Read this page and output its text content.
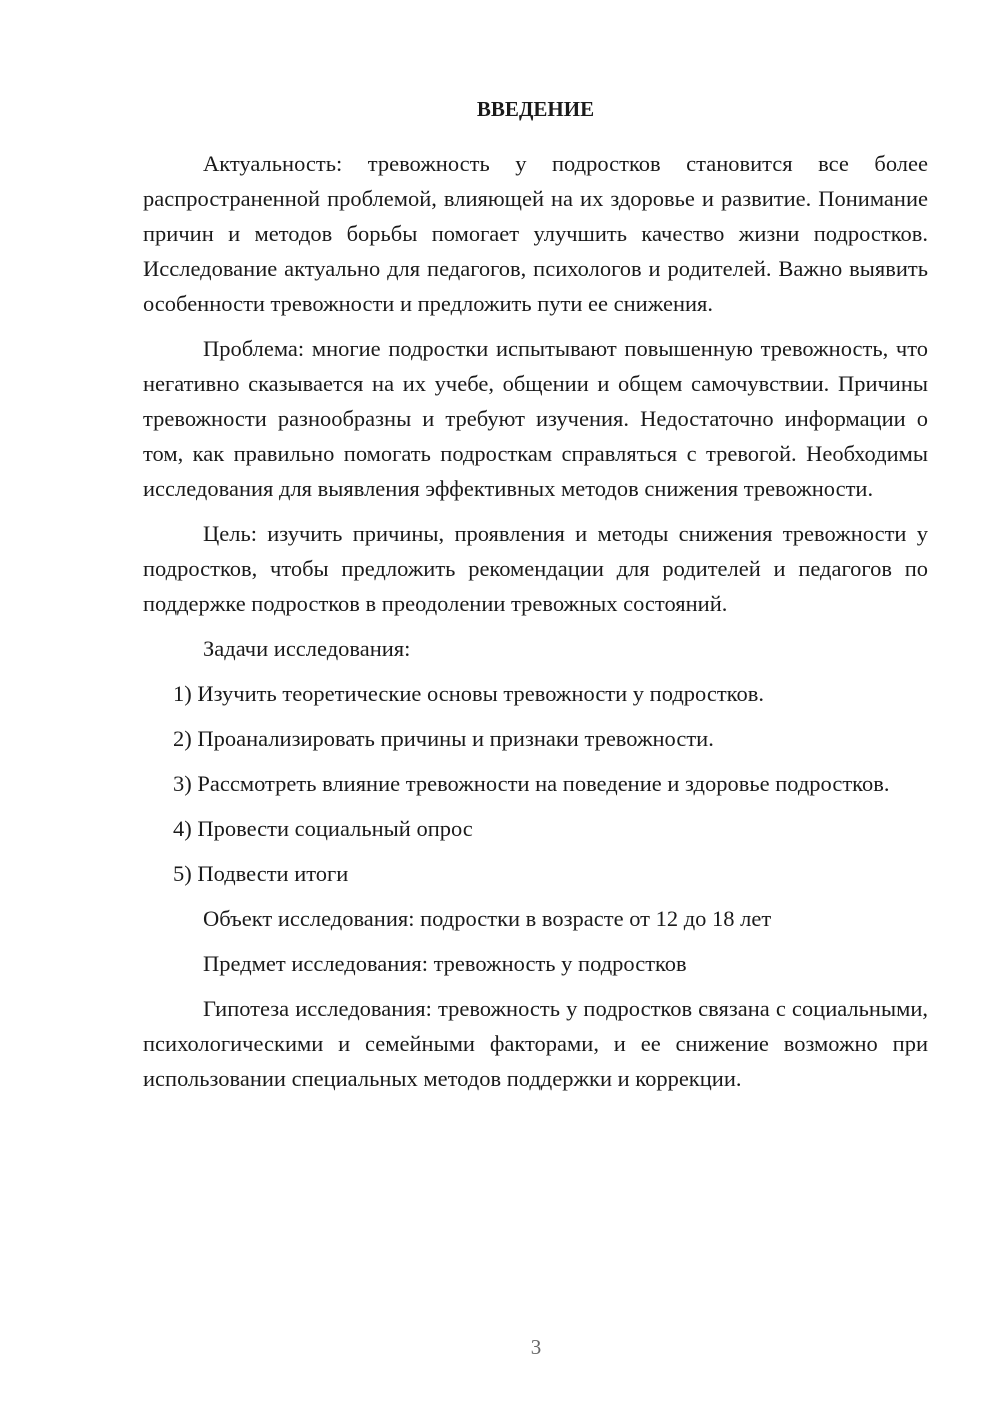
ВВЕДЕНИЕ

Актуальность: тревожность у подростков становится все более распространенной проблемой, влияющей на их здоровье и развитие. Понимание причин и методов борьбы помогает улучшить качество жизни подростков. Исследование актуально для педагогов, психологов и родителей. Важно выявить особенности тревожности и предложить пути ее снижения.

Проблема: многие подростки испытывают повышенную тревожность, что негативно сказывается на их учебе, общении и общем самочувствии. Причины тревожности разнообразны и требуют изучения. Недостаточно информации о том, как правильно помогать подросткам справляться с тревогой. Необходимы исследования для выявления эффективных методов снижения тревожности.

Цель: изучить причины, проявления и методы снижения тревожности у подростков, чтобы предложить рекомендации для родителей и педагогов по поддержке подростков в преодолении тревожных состояний.

Задачи исследования:

1) Изучить теоретические основы тревожности у подростков.

2) Проанализировать причины и признаки тревожности.

3) Рассмотреть влияние тревожности на поведение и здоровье подростков.

4) Провести социальный опрос

5) Подвести итоги

Объект исследования: подростки в возрасте от 12 до 18 лет

Предмет исследования: тревожность у подростков

Гипотеза исследования: тревожность у подростков связана с социальными, психологическими и семейными факторами, и ее снижение возможно при использовании специальных методов поддержки и коррекции.

3
